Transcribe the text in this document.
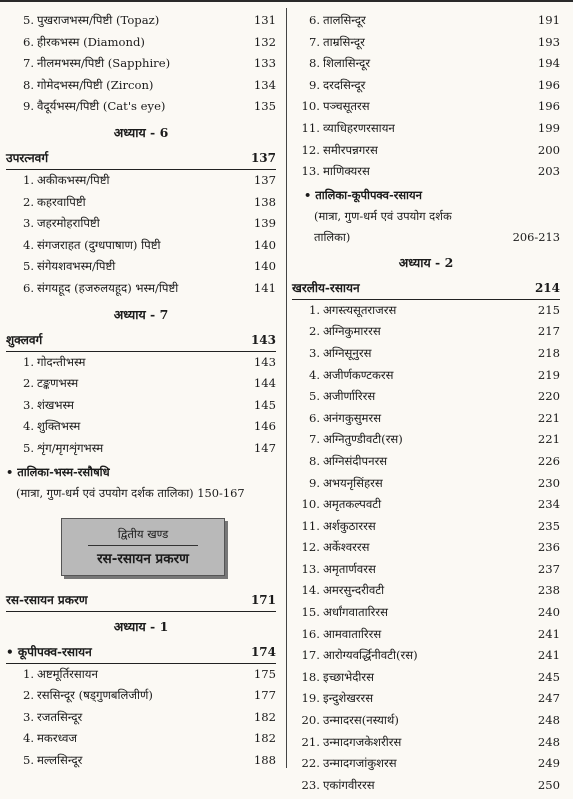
5. पुखराजभस्म/पिष्टी (Topaz)	131
6. हीरकभस्म (Diamond)	132
7. नीलमभस्म/पिष्टी (Sapphire)	133
8. गोमेदभस्म/पिष्टी (Zircon)	134
9. वैदूर्यभस्म/पिष्टी (Cat's eye)	135
अध्याय - 6
उपरत्नवर्ग	137
1. अकीकभस्म/पिष्टी	137
2. कहरवापिष्टी	138
3. जहरमोहरापिष्टी	139
4. संगजराहत (दुग्धपाषाण) पिष्टी	140
5. संगेयशवभस्म/पिष्टी	140
6. संगयहूद (हजरुलयहूद) भस्म/पिष्टी	141
अध्याय - 7
शुक्लवर्ग	143
1. गोदन्तीभस्म	143
2. टङ्कणभस्म	144
3. शंखभस्म	145
4. शुक्तिभस्म	146
5. शृंग/मृगशृंगभस्म	147
• तालिका-भस्म-रसौषधि
(मात्रा, गुण-धर्म एवं उपयोग दर्शक तालिका) 150-167
द्वितीय खण्ड
रस-रसायन प्रकरण
रस-रसायन प्रकरण	171
अध्याय - 1
• कूपीपक्व-रसायन	174
1. अष्टमूर्तिरसायन	175
2. रससिन्दूर (षड्गुणबलिजीर्ण)	177
3. रजतसिन्दूर	182
4. मकरध्वज	182
5. मल्लसिन्दूर	188
6. तालसिन्दूर	191
7. ताम्रसिन्दूर	193
8. शिलासिन्दूर	194
9. दरदसिन्दूर	196
10. पञ्चसूतरस	196
11. व्याधिहरणरसायन	199
12. समीरपन्नगरस	200
13. माणिक्यरस	203
• तालिका-कूपीपक्व-रसायन
(मात्रा, गुण-धर्म एवं उपयोग दर्शक
तालिका)	206-213
अध्याय - 2
खरलीय-रसायन	214
1. अगस्त्यसूतराजरस	215
2. अग्निकुमाररस	217
3. अग्निसूनुरस	218
4. अजीर्णकण्टकरस	219
5. अजीर्णारिरस	220
6. अनंगकुसुमरस	221
7. अग्नितुण्डीवटी(रस)	221
8. अग्निसंदीपनरस	226
9. अभयनृसिंहरस	230
10. अमृतकल्पवटी	234
11. अर्शकुठाररस	235
12. अर्केश्वररस	236
13. अमृतार्णवरस	237
14. अमरसुन्दरीवटी	238
15. अर्धांगवातारिरस	240
16. आमवातारिरस	241
17. आरोग्यवर्द्धिनीवटी(रस)	241
18. इच्छाभेदीरस	245
19. इन्दुशेखररस	247
20. उन्मादरस(नस्यार्थ)	248
21. उन्मादगजकेशरीरस	248
22. उन्मादगजांकुशरस	249
23. एकांगवीररस	250
